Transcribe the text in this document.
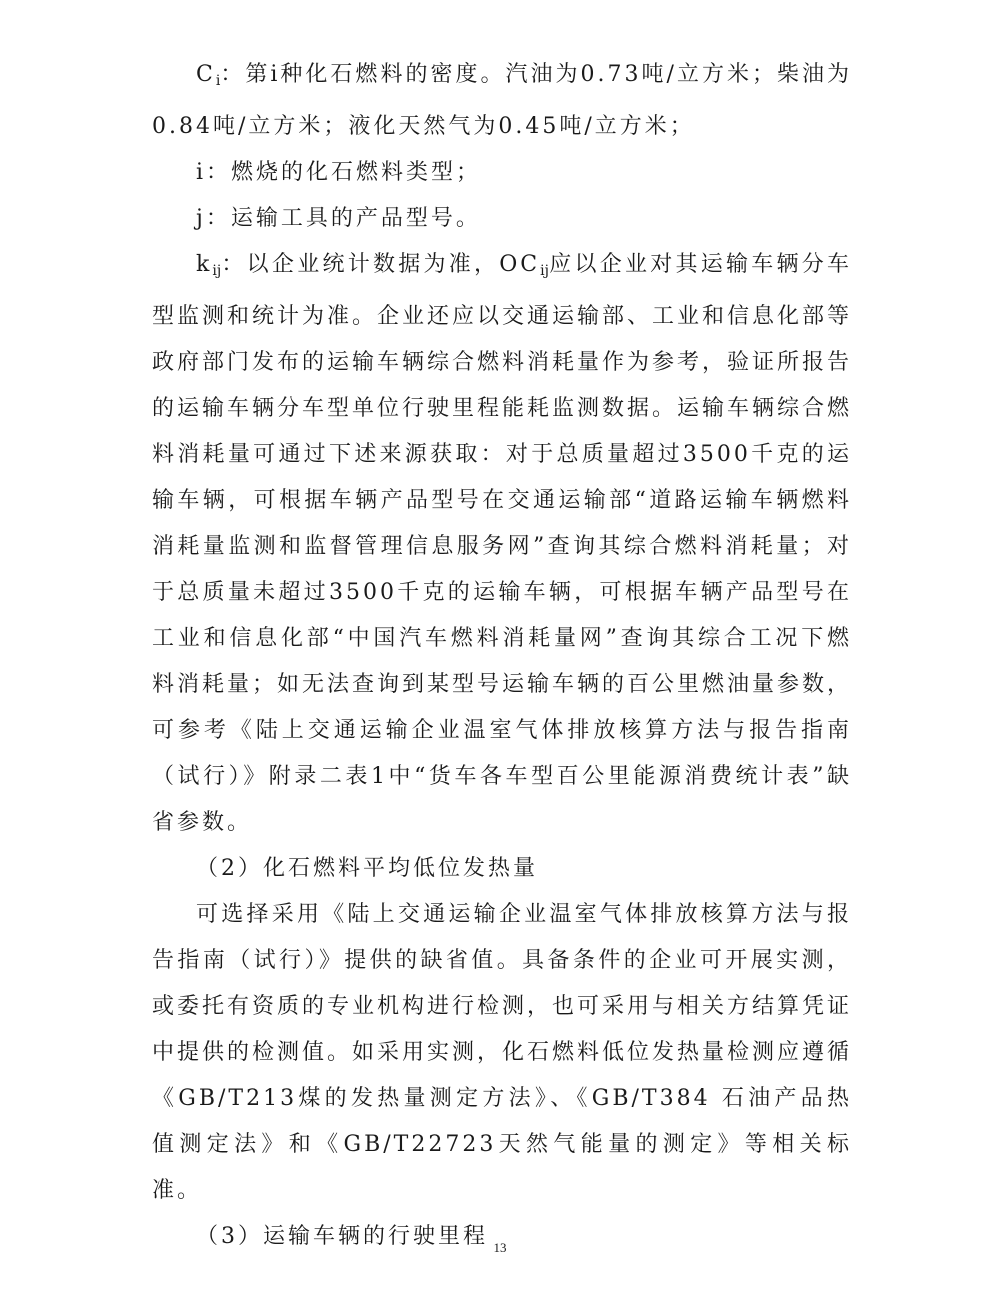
$C_i$：第i种化石燃料的密度。汽油为0.73吨/立方米；柴油为0.84吨/立方米；液化天然气为0.45吨/立方米；

i：燃烧的化石燃料类型；

j：运输工具的产品型号。

$k_{ij}$：以企业统计数据为准，$OC_{ij}$应以企业对其运输车辆分车型监测和统计为准。企业还应以交通运输部、工业和信息化部等政府部门发布的运输车辆综合燃料消耗量作为参考，验证所报告的运输车辆分车型单位行驶里程能耗监测数据。运输车辆综合燃料消耗量可通过下述来源获取：对于总质量超过3500千克的运输车辆，可根据车辆产品型号在交通运输部“道路运输车辆燃料消耗量监测和监督管理信息服务网”查询其综合燃料消耗量；对于总质量未超过3500千克的运输车辆，可根据车辆产品型号在工业和信息化部“中国汽车燃料消耗量网”查询其综合工况下燃料消耗量；如无法查询到某型号运输车辆的百公里燃油量参数，可参考《陆上交通运输企业温室气体排放核算方法与报告指南（试行）》附录二表1中“货车各车型百公里能源消费统计表”缺省参数。

（2）化石燃料平均低位发热量

可选择采用《陆上交通运输企业温室气体排放核算方法与报告指南（试行）》提供的缺省值。具备条件的企业可开展实测，或委托有资质的专业机构进行检测，也可采用与相关方结算凭证中提供的检测值。如采用实测，化石燃料低位发热量检测应遵循《GB/T213煤的发热量测定方法》、《GB/T384 石油产品热值测定法》和《GB/T22723天然气能量的测定》等相关标准。

（3）运输车辆的行驶里程 13
